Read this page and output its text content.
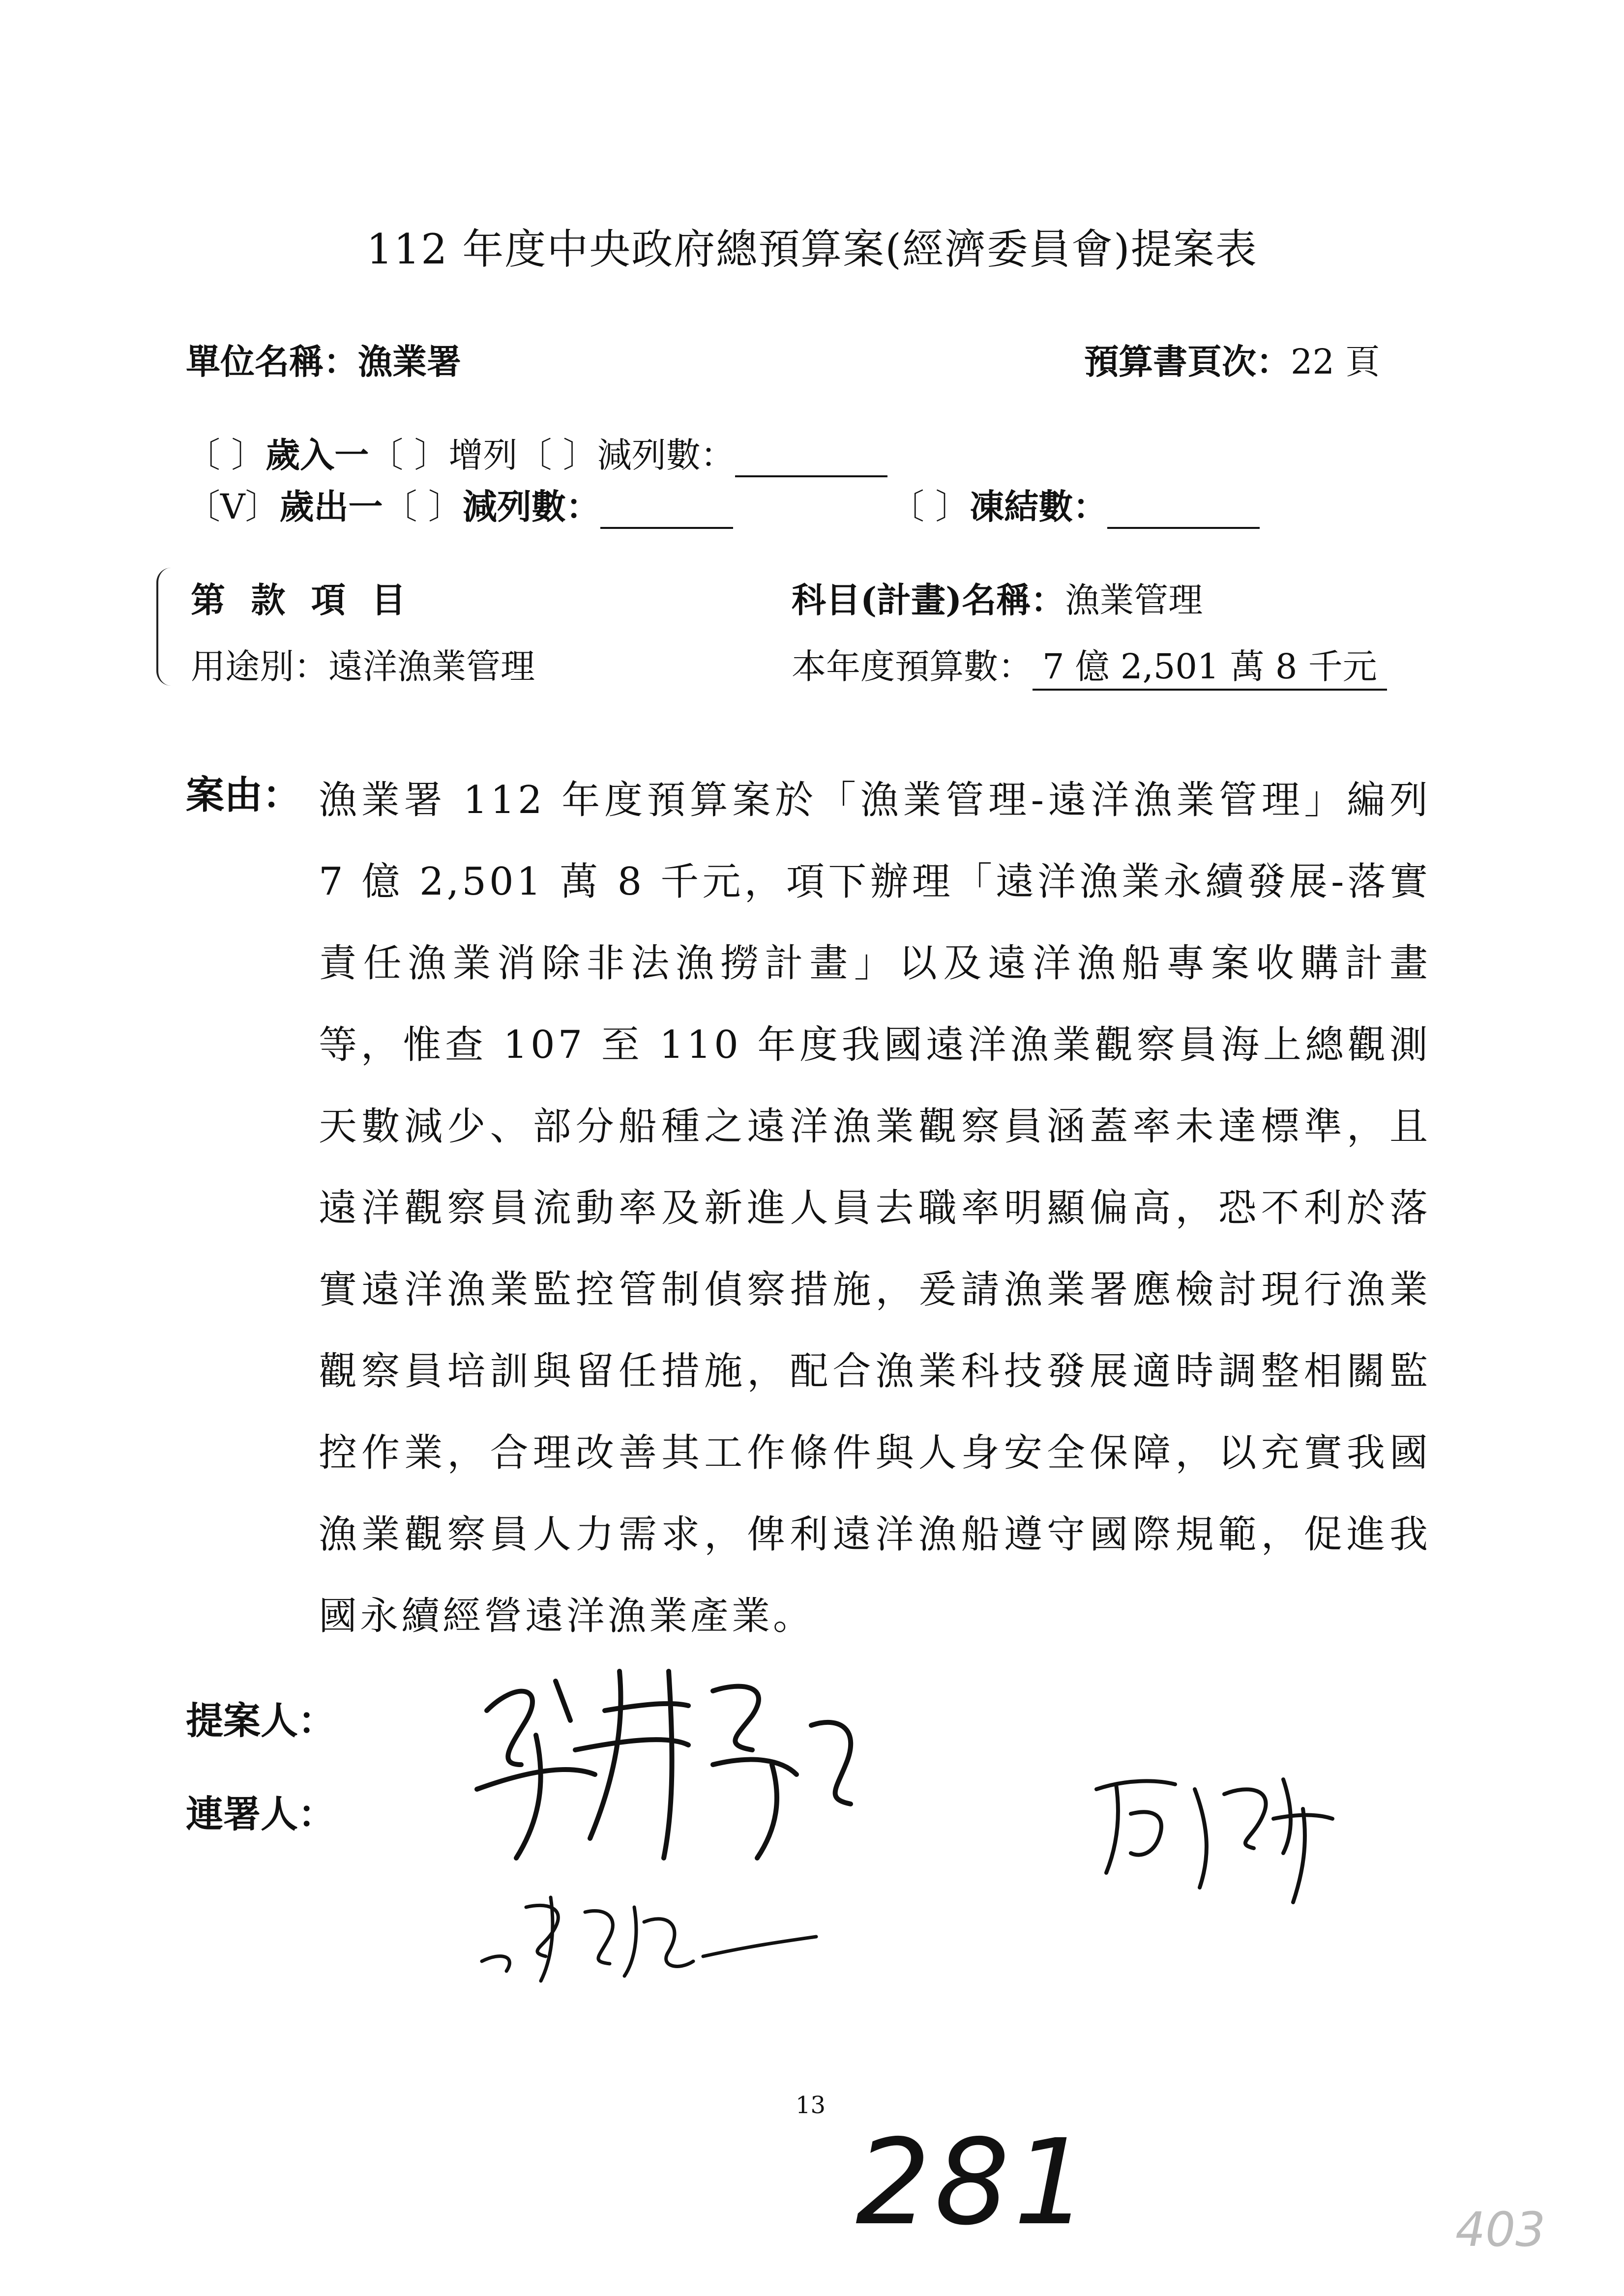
112 年度中央政府總預算案(經濟委員會)提案表
單位名稱：漁業署	預算書頁次：22 頁
〔 〕歲入一〔 〕增列〔 〕減列數：
〔V〕歲出一〔 〕減列數：	〔 〕凍結數：
第 款 項 目	科目(計畫)名稱：漁業管理
用途別：遠洋漁業管理	本年度預算數： 7 億 2,501 萬 8 千元
案由： 漁業署 112 年度預算案於「漁業管理-遠洋漁業管理」編列 7 億 2,501 萬 8 千元，項下辦理「遠洋漁業永續發展-落實責任漁業消除非法漁撈計畫」以及遠洋漁船專案收購計畫等，惟查 107 至 110 年度我國遠洋漁業觀察員海上總觀測天數減少、部分船種之遠洋漁業觀察員涵蓋率未達標準，且遠洋觀察員流動率及新進人員去職率明顯偏高，恐不利於落實遠洋漁業監控管制偵察措施，爰請漁業署應檢討現行漁業觀察員培訓與留任措施，配合漁業科技發展適時調整相關監控作業，合理改善其工作條件與人身安全保障，以充實我國漁業觀察員人力需求，俾利遠洋漁船遵守國際規範，促進我國永續經營遠洋漁業產業。
提案人：
連署人：
13
281	403
